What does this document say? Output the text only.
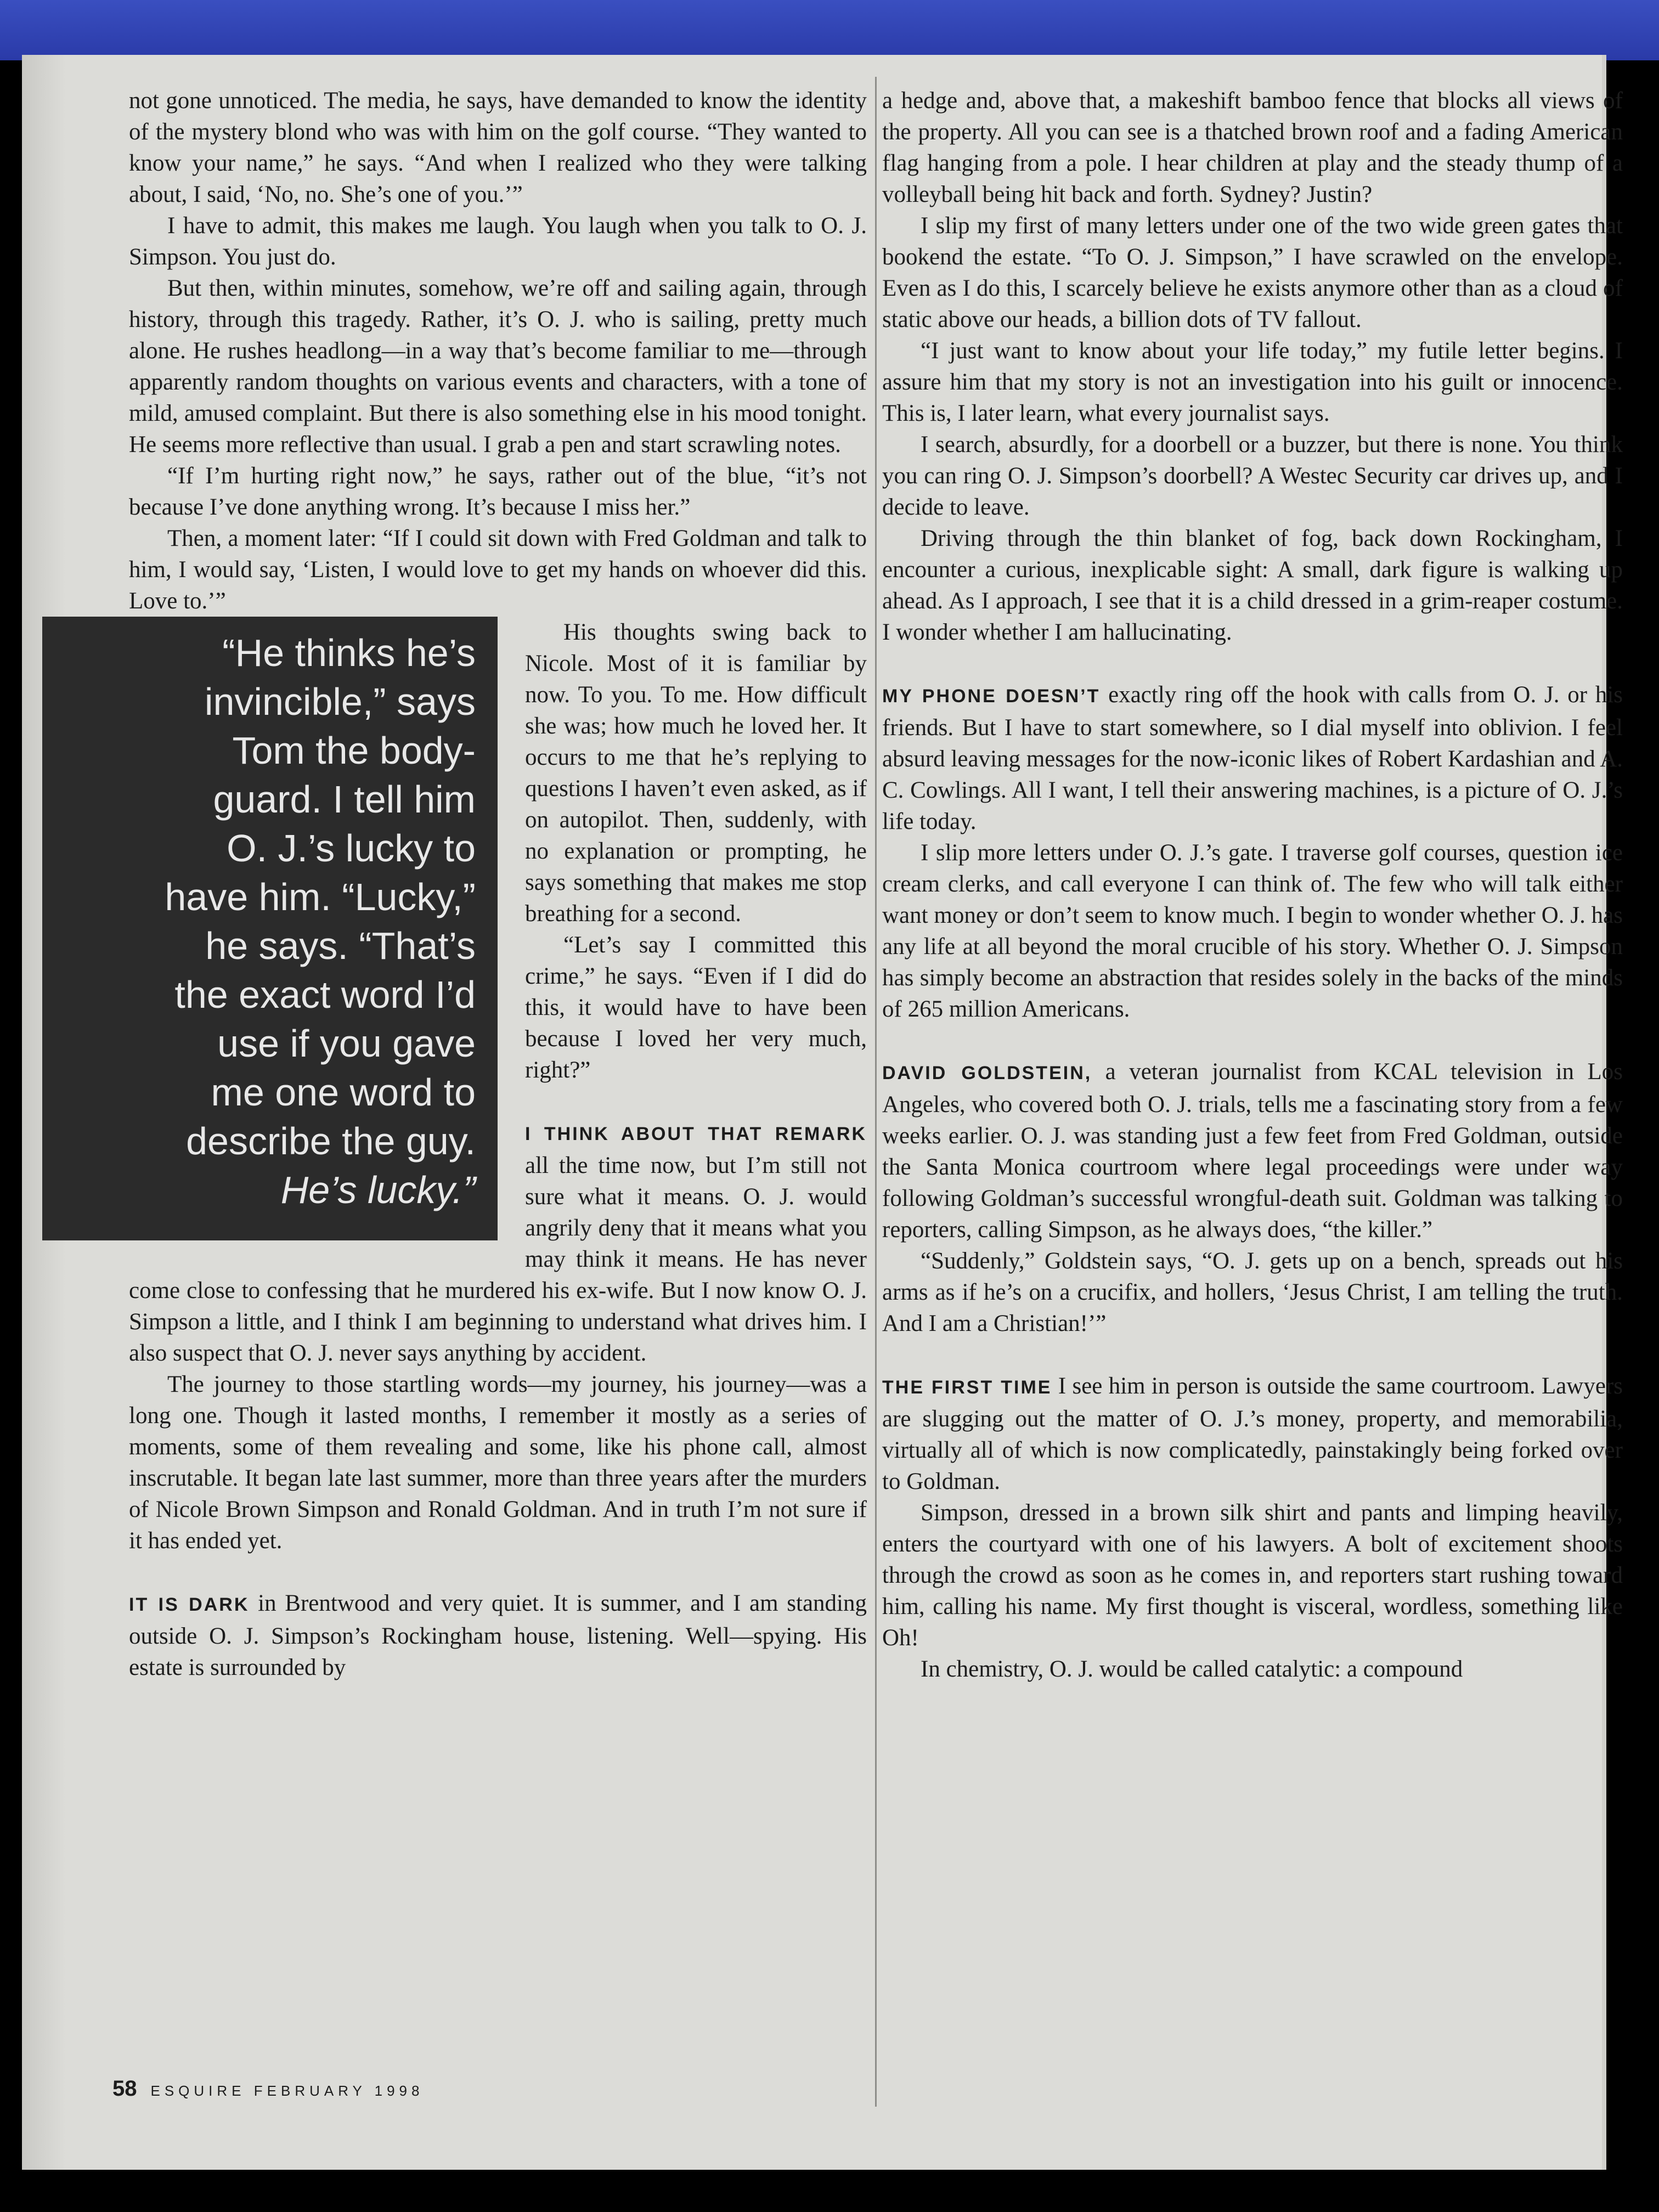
not gone unnoticed. The media, he says, have demanded to know the identity of the mystery blond who was with him on the golf course. “They wanted to know your name,” he says. “And when I realized who they were talking about, I said, ‘No, no. She’s one of you.’”

I have to admit, this makes me laugh. You laugh when you talk to O. J. Simpson. You just do.

But then, within minutes, somehow, we’re off and sailing again, through history, through this tragedy. Rather, it’s O. J. who is sailing, pretty much alone. He rushes headlong—in a way that’s become familiar to me—through apparently random thoughts on various events and characters, with a tone of mild, amused complaint. But there is also something else in his mood tonight. He seems more reflective than usual. I grab a pen and start scrawling notes.

“If I’m hurting right now,” he says, rather out of the blue, “it’s not because I’ve done anything wrong. It’s because I miss her.”

Then, a moment later: “If I could sit down with Fred Goldman and talk to him, I would say, ‘Listen, I would love to get my hands on whoever did this. Love to.’”

“He thinks he’s
invincible,” says
Tom the body-
guard. I tell him
O. J.’s lucky to
have him. “Lucky,”
he says. “That’s
the exact word I’d
use if you gave
me one word to
describe the guy.
He’s lucky.”

His thoughts swing back to Nicole. Most of it is familiar by now. To you. To me. How difficult she was; how much he loved her. It occurs to me that he’s replying to questions I haven’t even asked, as if on autopilot. Then, suddenly, with no explanation or prompting, he says something that makes me stop breathing for a second.

“Let’s say I committed this crime,” he says. “Even if I did do this, it would have to have been because I loved her very much, right?”

I THINK ABOUT THAT REMARK all the time now, but I’m still not sure what it means. O. J. would angrily deny that it means what you may think it means. He has never come close to confessing that he murdered his ex-wife. But I now know O. J. Simpson a little, and I think I am beginning to understand what drives him. I also suspect that O. J. never says anything by accident.

The journey to those startling words—my journey, his journey—was a long one. Though it lasted months, I remember it mostly as a series of moments, some of them revealing and some, like his phone call, almost inscrutable. It began late last summer, more than three years after the murders of Nicole Brown Simpson and Ronald Goldman. And in truth I’m not sure if it has ended yet.

IT IS DARK in Brentwood and very quiet. It is summer, and I am standing outside O. J. Simpson’s Rockingham house, listening. Well—spying. His estate is surrounded by

a hedge and, above that, a makeshift bamboo fence that blocks all views of the property. All you can see is a thatched brown roof and a fading American flag hanging from a pole. I hear children at play and the steady thump of a volleyball being hit back and forth. Sydney? Justin?

I slip my first of many letters under one of the two wide green gates that bookend the estate. “To O. J. Simpson,” I have scrawled on the envelope. Even as I do this, I scarcely believe he exists anymore other than as a cloud of static above our heads, a billion dots of TV fallout.

“I just want to know about your life today,” my futile letter begins. I assure him that my story is not an investigation into his guilt or innocence. This is, I later learn, what every journalist says.

I search, absurdly, for a doorbell or a buzzer, but there is none. You think you can ring O. J. Simpson’s doorbell? A Westec Security car drives up, and I decide to leave.

Driving through the thin blanket of fog, back down Rockingham, I encounter a curious, inexplicable sight: A small, dark figure is walking up ahead. As I approach, I see that it is a child dressed in a grim-reaper costume. I wonder whether I am hallucinating.

MY PHONE DOESN’T exactly ring off the hook with calls from O. J. or his friends. But I have to start somewhere, so I dial myself into oblivion. I feel absurd leaving messages for the now-iconic likes of Robert Kardashian and A. C. Cowlings. All I want, I tell their answering machines, is a picture of O. J.’s life today.

I slip more letters under O. J.’s gate. I traverse golf courses, question ice cream clerks, and call everyone I can think of. The few who will talk either want money or don’t seem to know much. I begin to wonder whether O. J. has any life at all beyond the moral crucible of his story. Whether O. J. Simpson has simply become an abstraction that resides solely in the backs of the minds of 265 million Americans.

DAVID GOLDSTEIN, a veteran journalist from KCAL television in Los Angeles, who covered both O. J. trials, tells me a fascinating story from a few weeks earlier. O. J. was standing just a few feet from Fred Goldman, outside the Santa Monica courtroom where legal proceedings were under way following Goldman’s successful wrongful-death suit. Goldman was talking to reporters, calling Simpson, as he always does, “the killer.”

“Suddenly,” Goldstein says, “O. J. gets up on a bench, spreads out his arms as if he’s on a crucifix, and hollers, ‘Jesus Christ, I am telling the truth. And I am a Christian!’”

THE FIRST TIME I see him in person is outside the same courtroom. Lawyers are slugging out the matter of O. J.’s money, property, and memorabilia, virtually all of which is now complicatedly, painstakingly being forked over to Goldman.

Simpson, dressed in a brown silk shirt and pants and limping heavily, enters the courtyard with one of his lawyers. A bolt of excitement shoots through the crowd as soon as he comes in, and reporters start rushing toward him, calling his name. My first thought is visceral, wordless, something like Oh!

In chemistry, O. J. would be called catalytic: a compound

58 ESQUIRE FEBRUARY 1998
